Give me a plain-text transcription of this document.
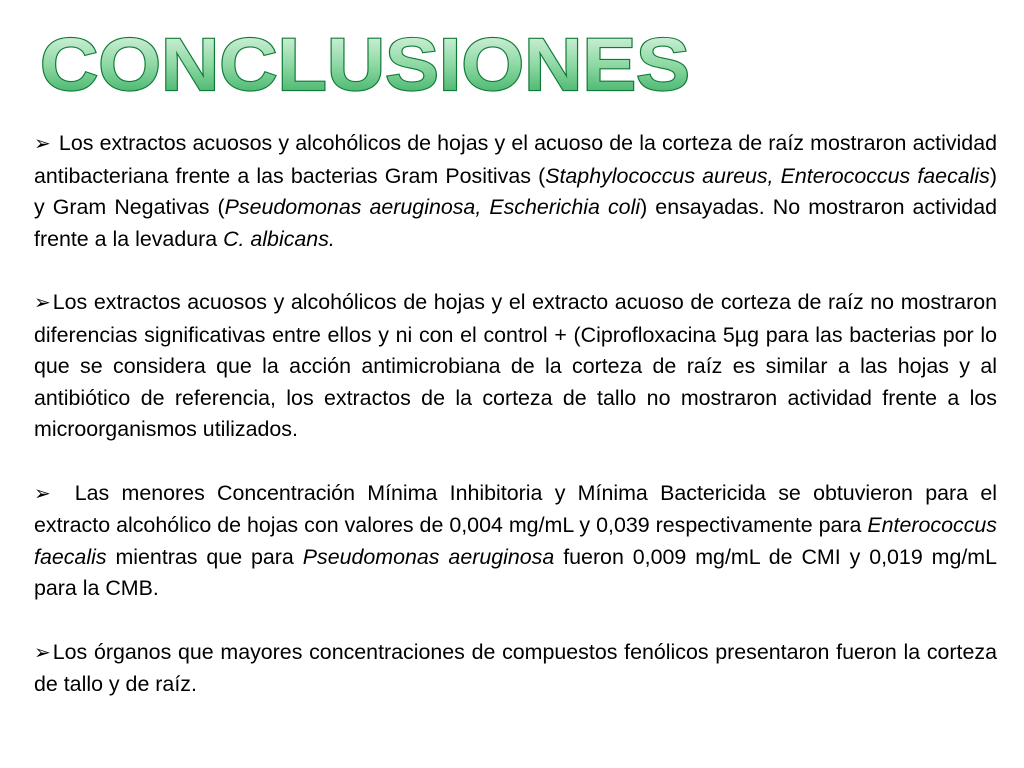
CONCLUSIONES

➢ Los extractos acuosos y alcohólicos de hojas y el acuoso de la corteza de raíz mostraron actividad antibacteriana frente a las bacterias Gram Positivas (Staphylococcus aureus, Enterococcus faecalis) y Gram Negativas (Pseudomonas aeruginosa, Escherichia coli) ensayadas. No mostraron actividad frente a la levadura C. albicans.

➢Los extractos acuosos y alcohólicos de hojas y el extracto acuoso de corteza de raíz no mostraron diferencias significativas entre ellos y ni con el control + (Ciprofloxacina 5µg para las bacterias por lo que se considera que la acción antimicrobiana de la corteza de raíz es similar a las hojas y al antibiótico de referencia, los extractos de la corteza de tallo no mostraron actividad frente a los microorganismos utilizados.

➢ Las menores Concentración Mínima Inhibitoria y Mínima Bactericida se obtuvieron para el extracto alcohólico de hojas con valores de 0,004 mg/mL y 0,039 respectivamente para Enterococcus faecalis mientras que para Pseudomonas aeruginosa fueron 0,009 mg/mL de CMI y 0,019 mg/mL para la CMB.

➢Los órganos que mayores concentraciones de compuestos fenólicos presentaron fueron la corteza de tallo y de raíz.
